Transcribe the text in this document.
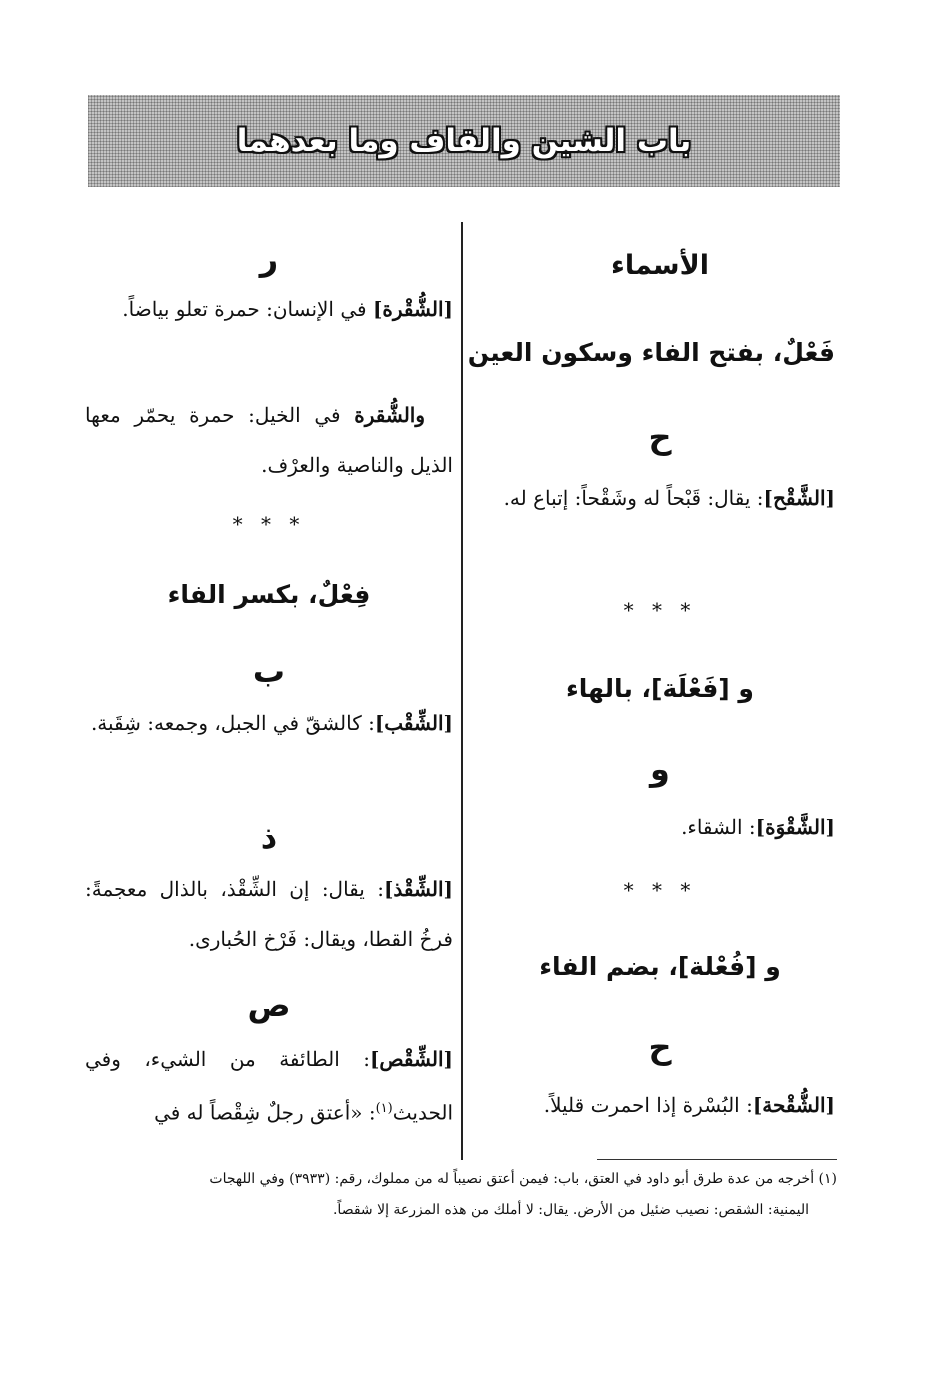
باب الشين والقاف وما بعدهما
الأسماء
فَعْلٌ، بفتح الفاء وسكون العين
ح
[الشَّقْح]: يقال: قَبْحاً له وشَقْحاً: إتباع له.
* * *
و [فَعْلَة]، بالهاء
و
[الشَّقْوَة]: الشقاء.
* * *
و [فُعْلة]، بضم الفاء
ح
[الشُّقْحة]: البُسْرة إذا احمرت قليلاً.
ر
[الشُّقْرة] في الإنسان: حمرة تعلو بياضاً.
والشُّقرة في الخيل: حمرة يحمّر معها الذيل والناصية والعرْف.
* * *
فِعْلٌ، بكسر الفاء
ب
[الشِّقْب]: كالشقّ في الجبل، وجمعه: شِقَبة.
ذ
[الشِّقْذ]: يقال: إن الشِّقْذ، بالذال معجمةً: فرخُ القطا، ويقال: فَرْخ الحُبارى.
ص
[الشِّقْص]: الطائفة من الشيء، وفي الحديث$^{(١)}$: «أعتق رجلٌ شِقْصاً له في
(١) أخرجه من عدة طرق أبو داود في العتق، باب: فيمن أعتق نصيباً له من مملوك، رقم: (٣٩٣٣) وفي اللهجات
اليمنية: الشقص: نصيب ضئيل من الأرض. يقال: لا أملك من هذه المزرعة إلا شقصاً.
